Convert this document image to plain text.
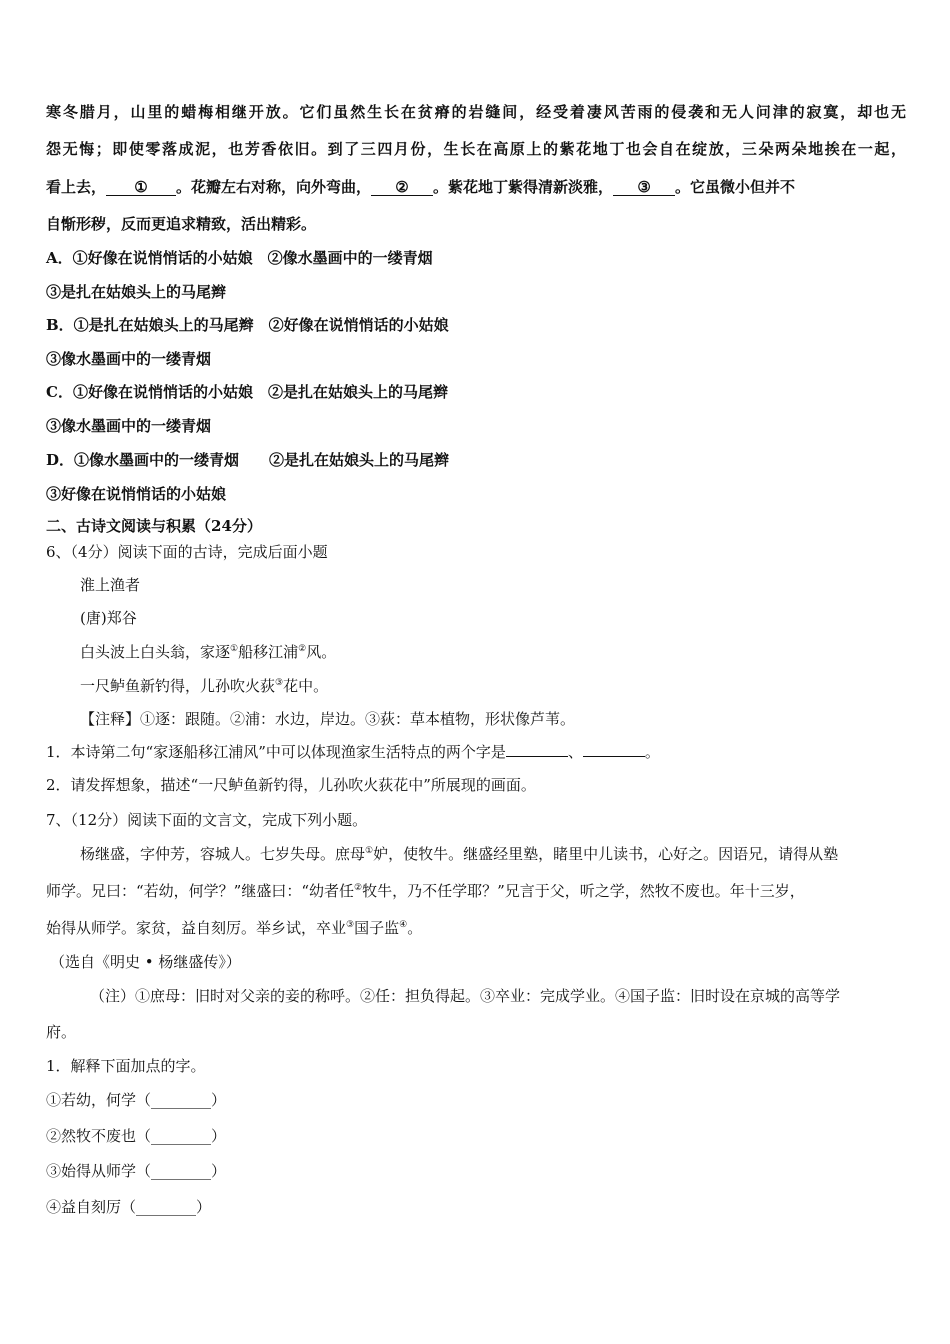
寒冬腊月，山里的蜡梅相继开放。它们虽然生长在贫瘠的岩缝间，经受着凄风苦雨的侵袭和无人问津的寂寞，却也无
怨无悔；即使零落成泥，也芳香依旧。到了三四月份，生长在高原上的紫花地丁也会自在绽放，三朵两朵地挨在一起，
看上去， ① 。花瓣左右对称，向外弯曲， ② 。紫花地丁紫得清新淡雅， ③ 。它虽微小但并不
自惭形秽，反而更追求精致，活出精彩。
A．①好像在说悄悄话的小姑娘　②像水墨画中的一缕青烟
③是扎在姑娘头上的马尾辫
B．①是扎在姑娘头上的马尾辫　②好像在说悄悄话的小姑娘
③像水墨画中的一缕青烟
C．①好像在说悄悄话的小姑娘　②是扎在姑娘头上的马尾辫
③像水墨画中的一缕青烟
D．①像水墨画中的一缕青烟　　②是扎在姑娘头上的马尾辫
③好像在说悄悄话的小姑娘
二、古诗文阅读与积累（24分）
6、（4分）阅读下面的古诗，完成后面小题
淮上渔者
(唐)郑谷
白头波上白头翁，家逐①船移江浦②风。
一尺鲈鱼新钓得，儿孙吹火荻③花中。
【注释】①逐：跟随。②浦：水边，岸边。③荻：草本植物，形状像芦苇。
1．本诗第二句“家逐船移江浦风”中可以体现渔家生活特点的两个字是	、	。
2．请发挥想象，描述“一尺鲈鱼新钓得，儿孙吹火荻花中”所展现的画面。
7、（12分）阅读下面的文言文，完成下列小题。
杨继盛，字仲芳，容城人。七岁失母。庶母①妒，使牧牛。继盛经里塾，睹里中儿读书，心好之。因语兄，请得从塾
师学。兄曰：“若幼，何学？”继盛曰：“幼者任②牧牛，乃不任学耶？”兄言于父，听之学，然牧不废也。年十三岁，
始得从师学。家贫，益自刻厉。举乡试，卒业③国子监④。
（选自《明史 • 杨继盛传》）
（注）①庶母：旧时对父亲的妾的称呼。②任：担负得起。③卒业：完成学业。④国子监：旧时设在京城的高等学
府。
1．解释下面加点的字。
①若幼，何学（________）
②然牧不废也（________）
③始得从师学（________）
④益自刻厉（________）
